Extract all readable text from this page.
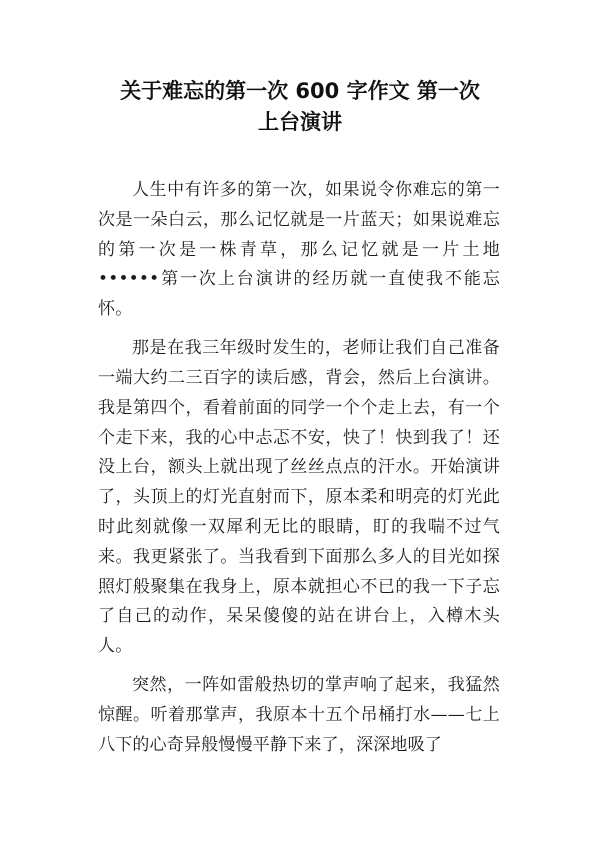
关于难忘的第一次 600 字作文 第一次
上台演讲

人生中有许多的第一次，如果说令你难忘的第一次是一朵白云，那么记忆就是一片蓝天；如果说难忘的第一次是一株青草，那么记忆就是一片土地••••••第一次上台演讲的经历就一直使我不能忘怀。

那是在我三年级时发生的，老师让我们自己准备一端大约二三百字的读后感，背会，然后上台演讲。我是第四个，看着前面的同学一个个走上去，有一个个走下来，我的心中忐忑不安，快了！快到我了！还没上台，额头上就出现了丝丝点点的汗水。开始演讲了，头顶上的灯光直射而下，原本柔和明亮的灯光此时此刻就像一双犀利无比的眼睛，盯的我喘不过气来。我更紧张了。当我看到下面那么多人的目光如探照灯般聚集在我身上，原本就担心不已的我一下子忘了自己的动作，呆呆傻傻的站在讲台上，入樽木头人。

突然，一阵如雷般热切的掌声响了起来，我猛然惊醒。听着那掌声，我原本十五个吊桶打水——七上八下的心奇异般慢慢平静下来了，深深地吸了
